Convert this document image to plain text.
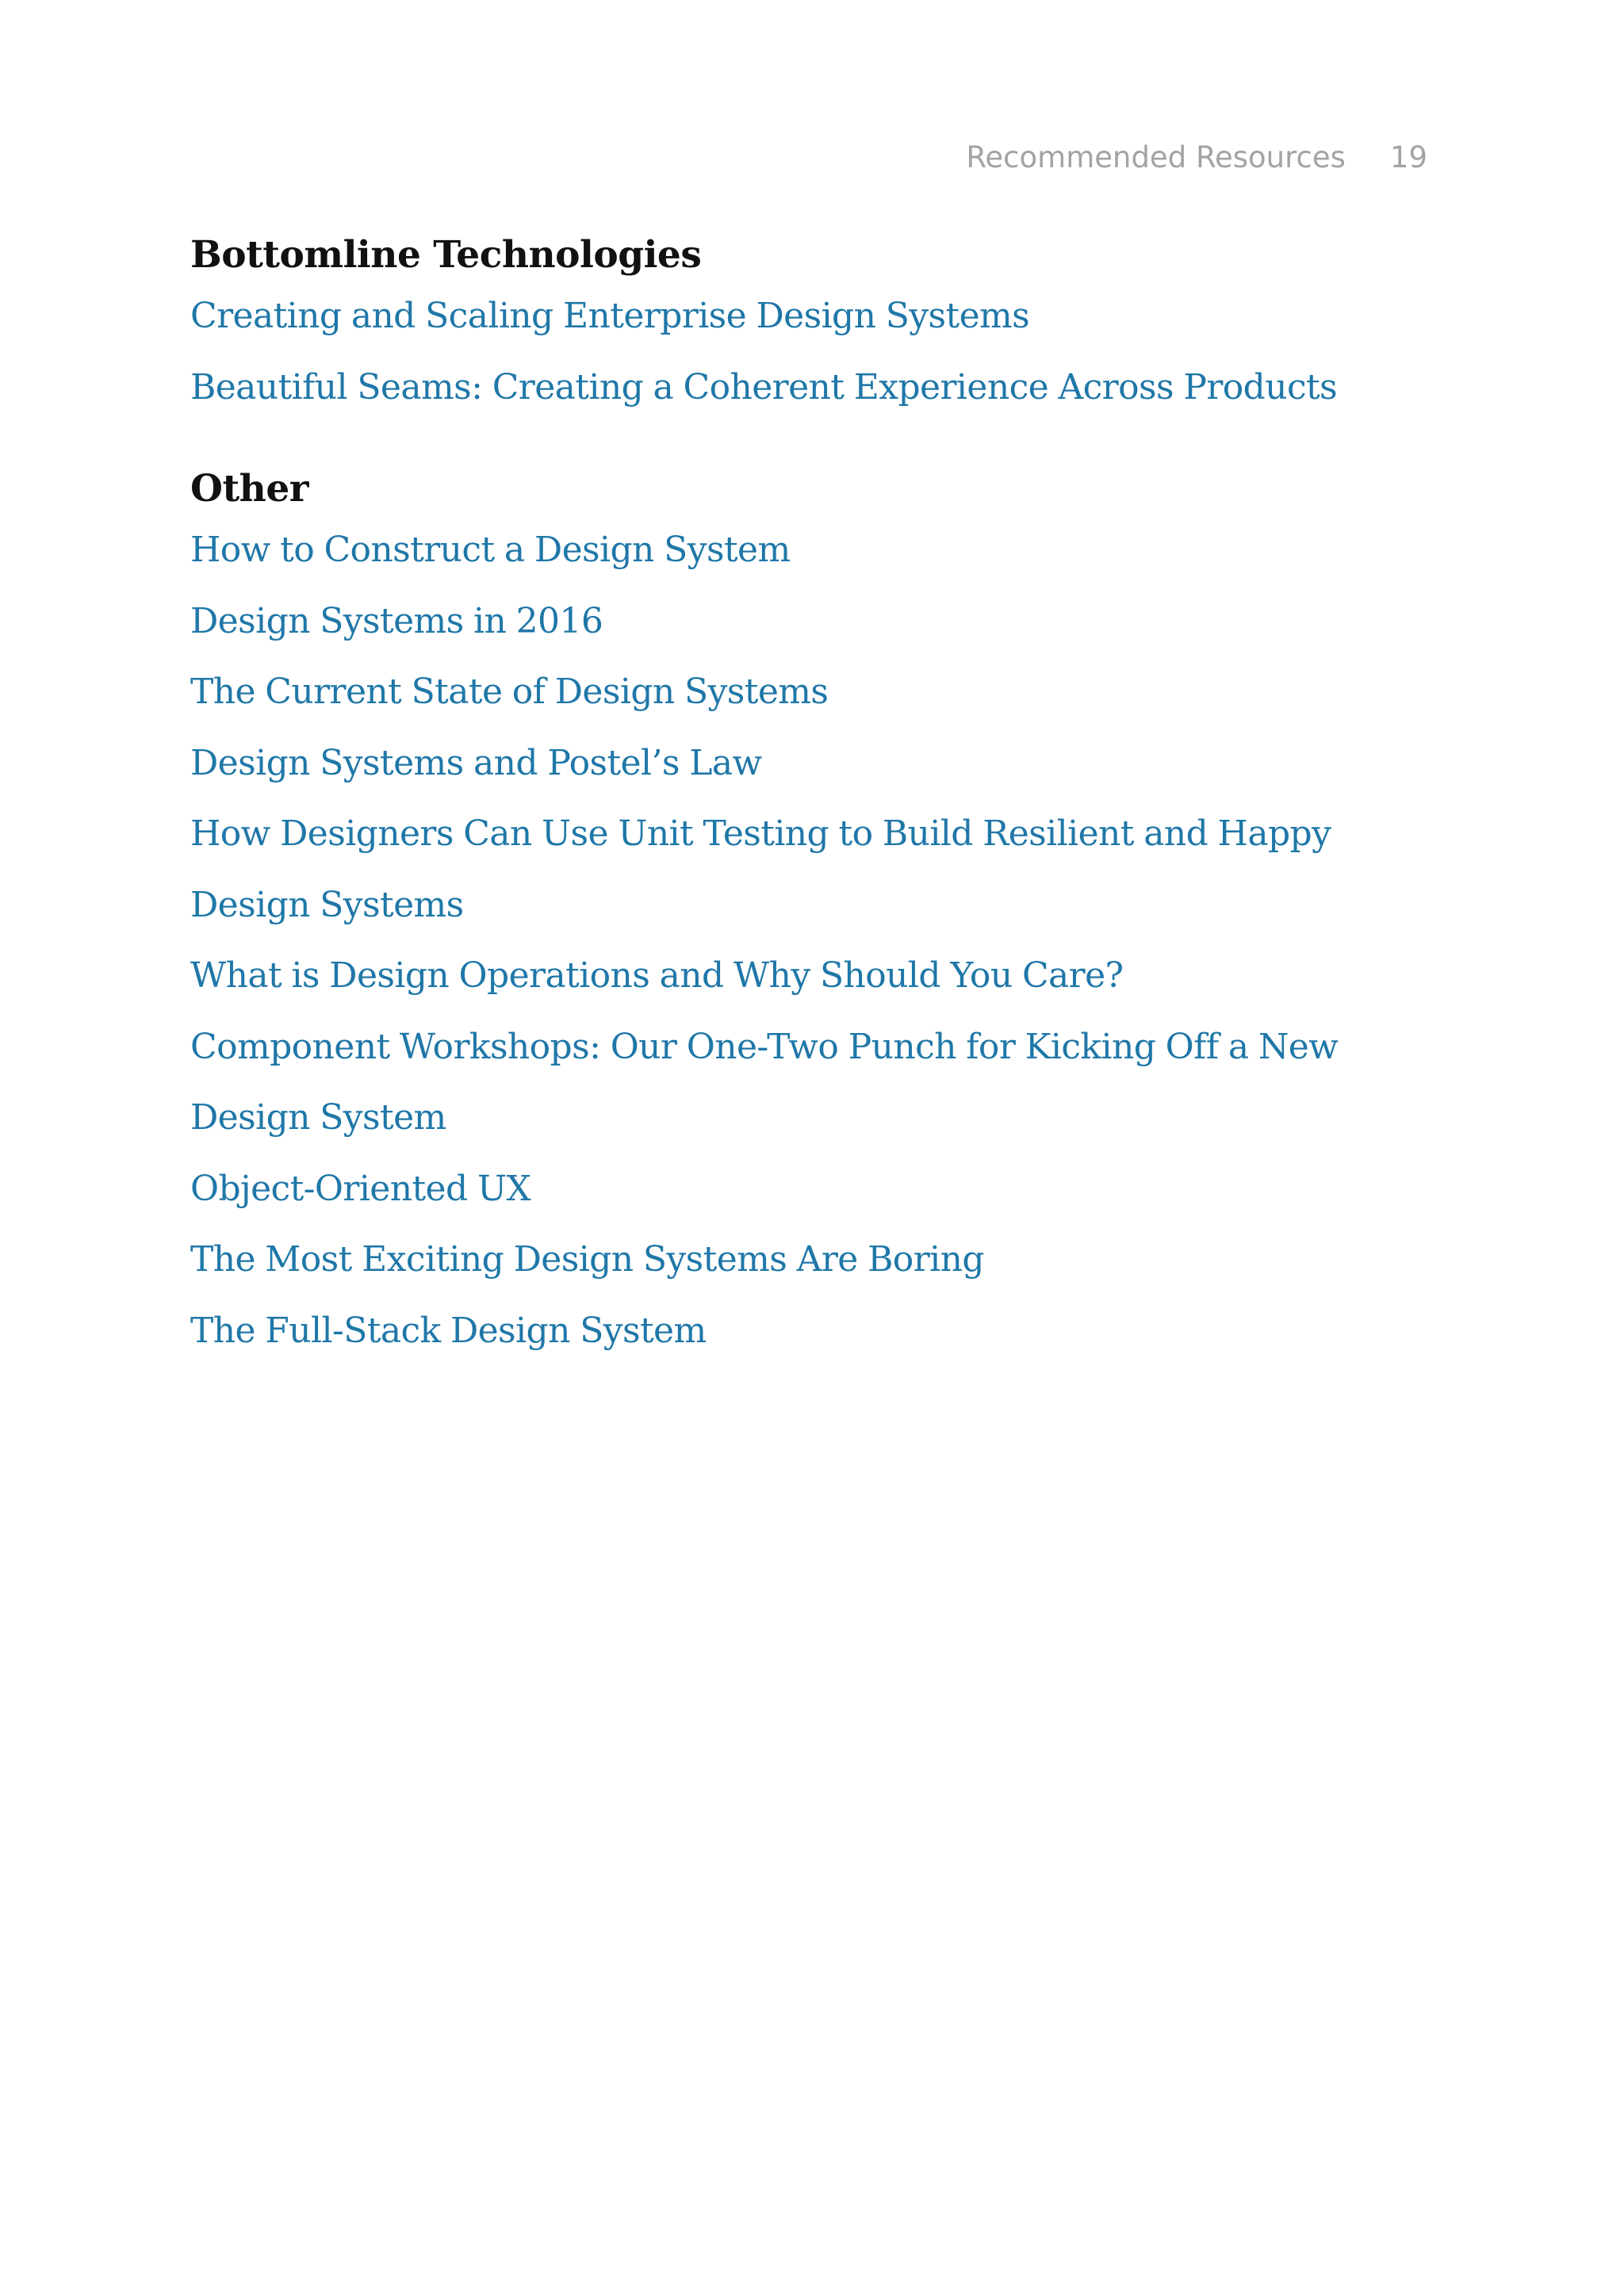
Recommended Resources 19
Bottomline Technologies
Creating and Scaling Enterprise Design Systems
Beautiful Seams: Creating a Coherent Experience Across Products
Other
How to Construct a Design System
Design Systems in 2016
The Current State of Design Systems
Design Systems and Postel’s Law
How Designers Can Use Unit Testing to Build Resilient and Happy Design Systems
What is Design Operations and Why Should You Care?
Component Workshops: Our One-Two Punch for Kicking Off a New Design System
Object-Oriented UX
The Most Exciting Design Systems Are Boring
The Full-Stack Design System
